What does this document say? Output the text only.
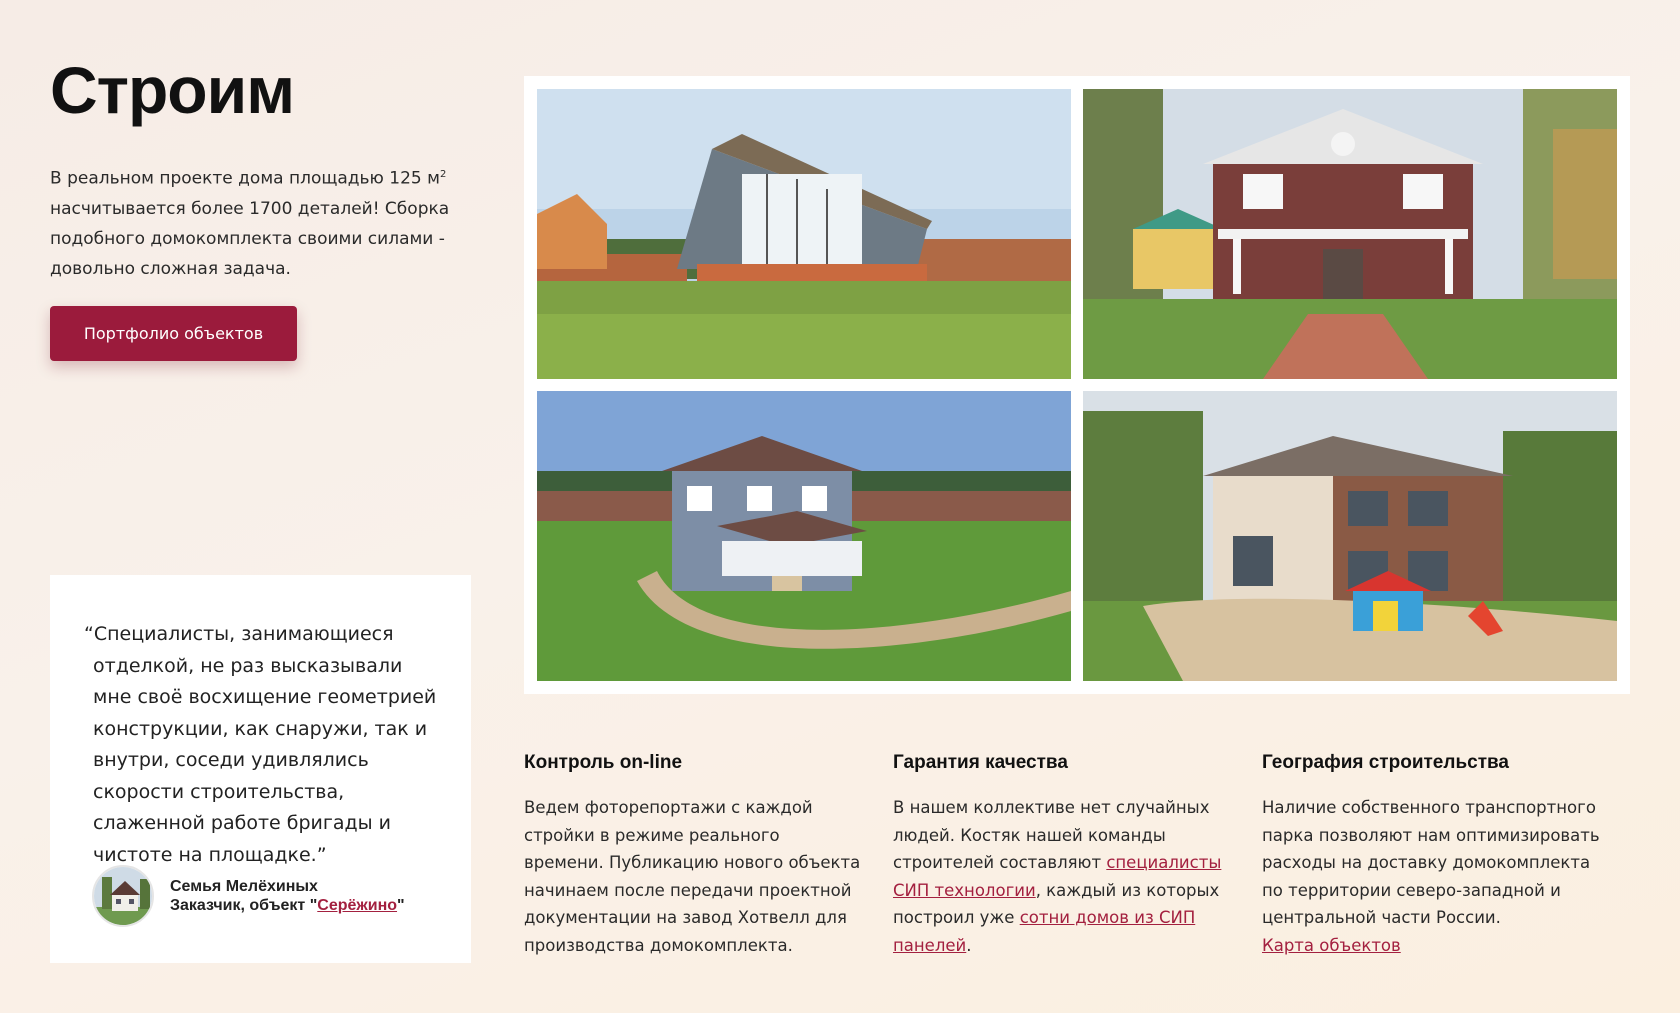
Строим

В реальном проекте дома площадью 125 $м^2$ насчитывается более 1700 деталей! Сборка подобного домокомплекта своими силами - довольно сложная задача.

Портфолио объектов

“Специалисты, занимающиеся отделкой, не раз высказывали мне своё восхищение геометрией конструкции, как снаружи, так и внутри, соседи удивлялись скорости строительства, слаженной работе бригады и чистоте на площадке.”

Семья Мелёхиных
Заказчик, объект "Серёжино"
Контроль on-line

Ведем фоторепортажи с каждой стройки в режиме реального времени. Публикацию нового объекта начинаем после передачи проектной документации на завод Хотвелл для производства домокомплекта.

Гарантия качества

В нашем коллективе нет случайных людей. Костяк нашей команды строителей составляют специалисты СИП технологии, каждый из которых построил уже сотни домов из СИП панелей.

География строительства

Наличие собственного транспортного парка позволяют нам оптимизировать расходы на доставку домокомплекта по территории северо-западной и центральной части России.
Карта объектов
